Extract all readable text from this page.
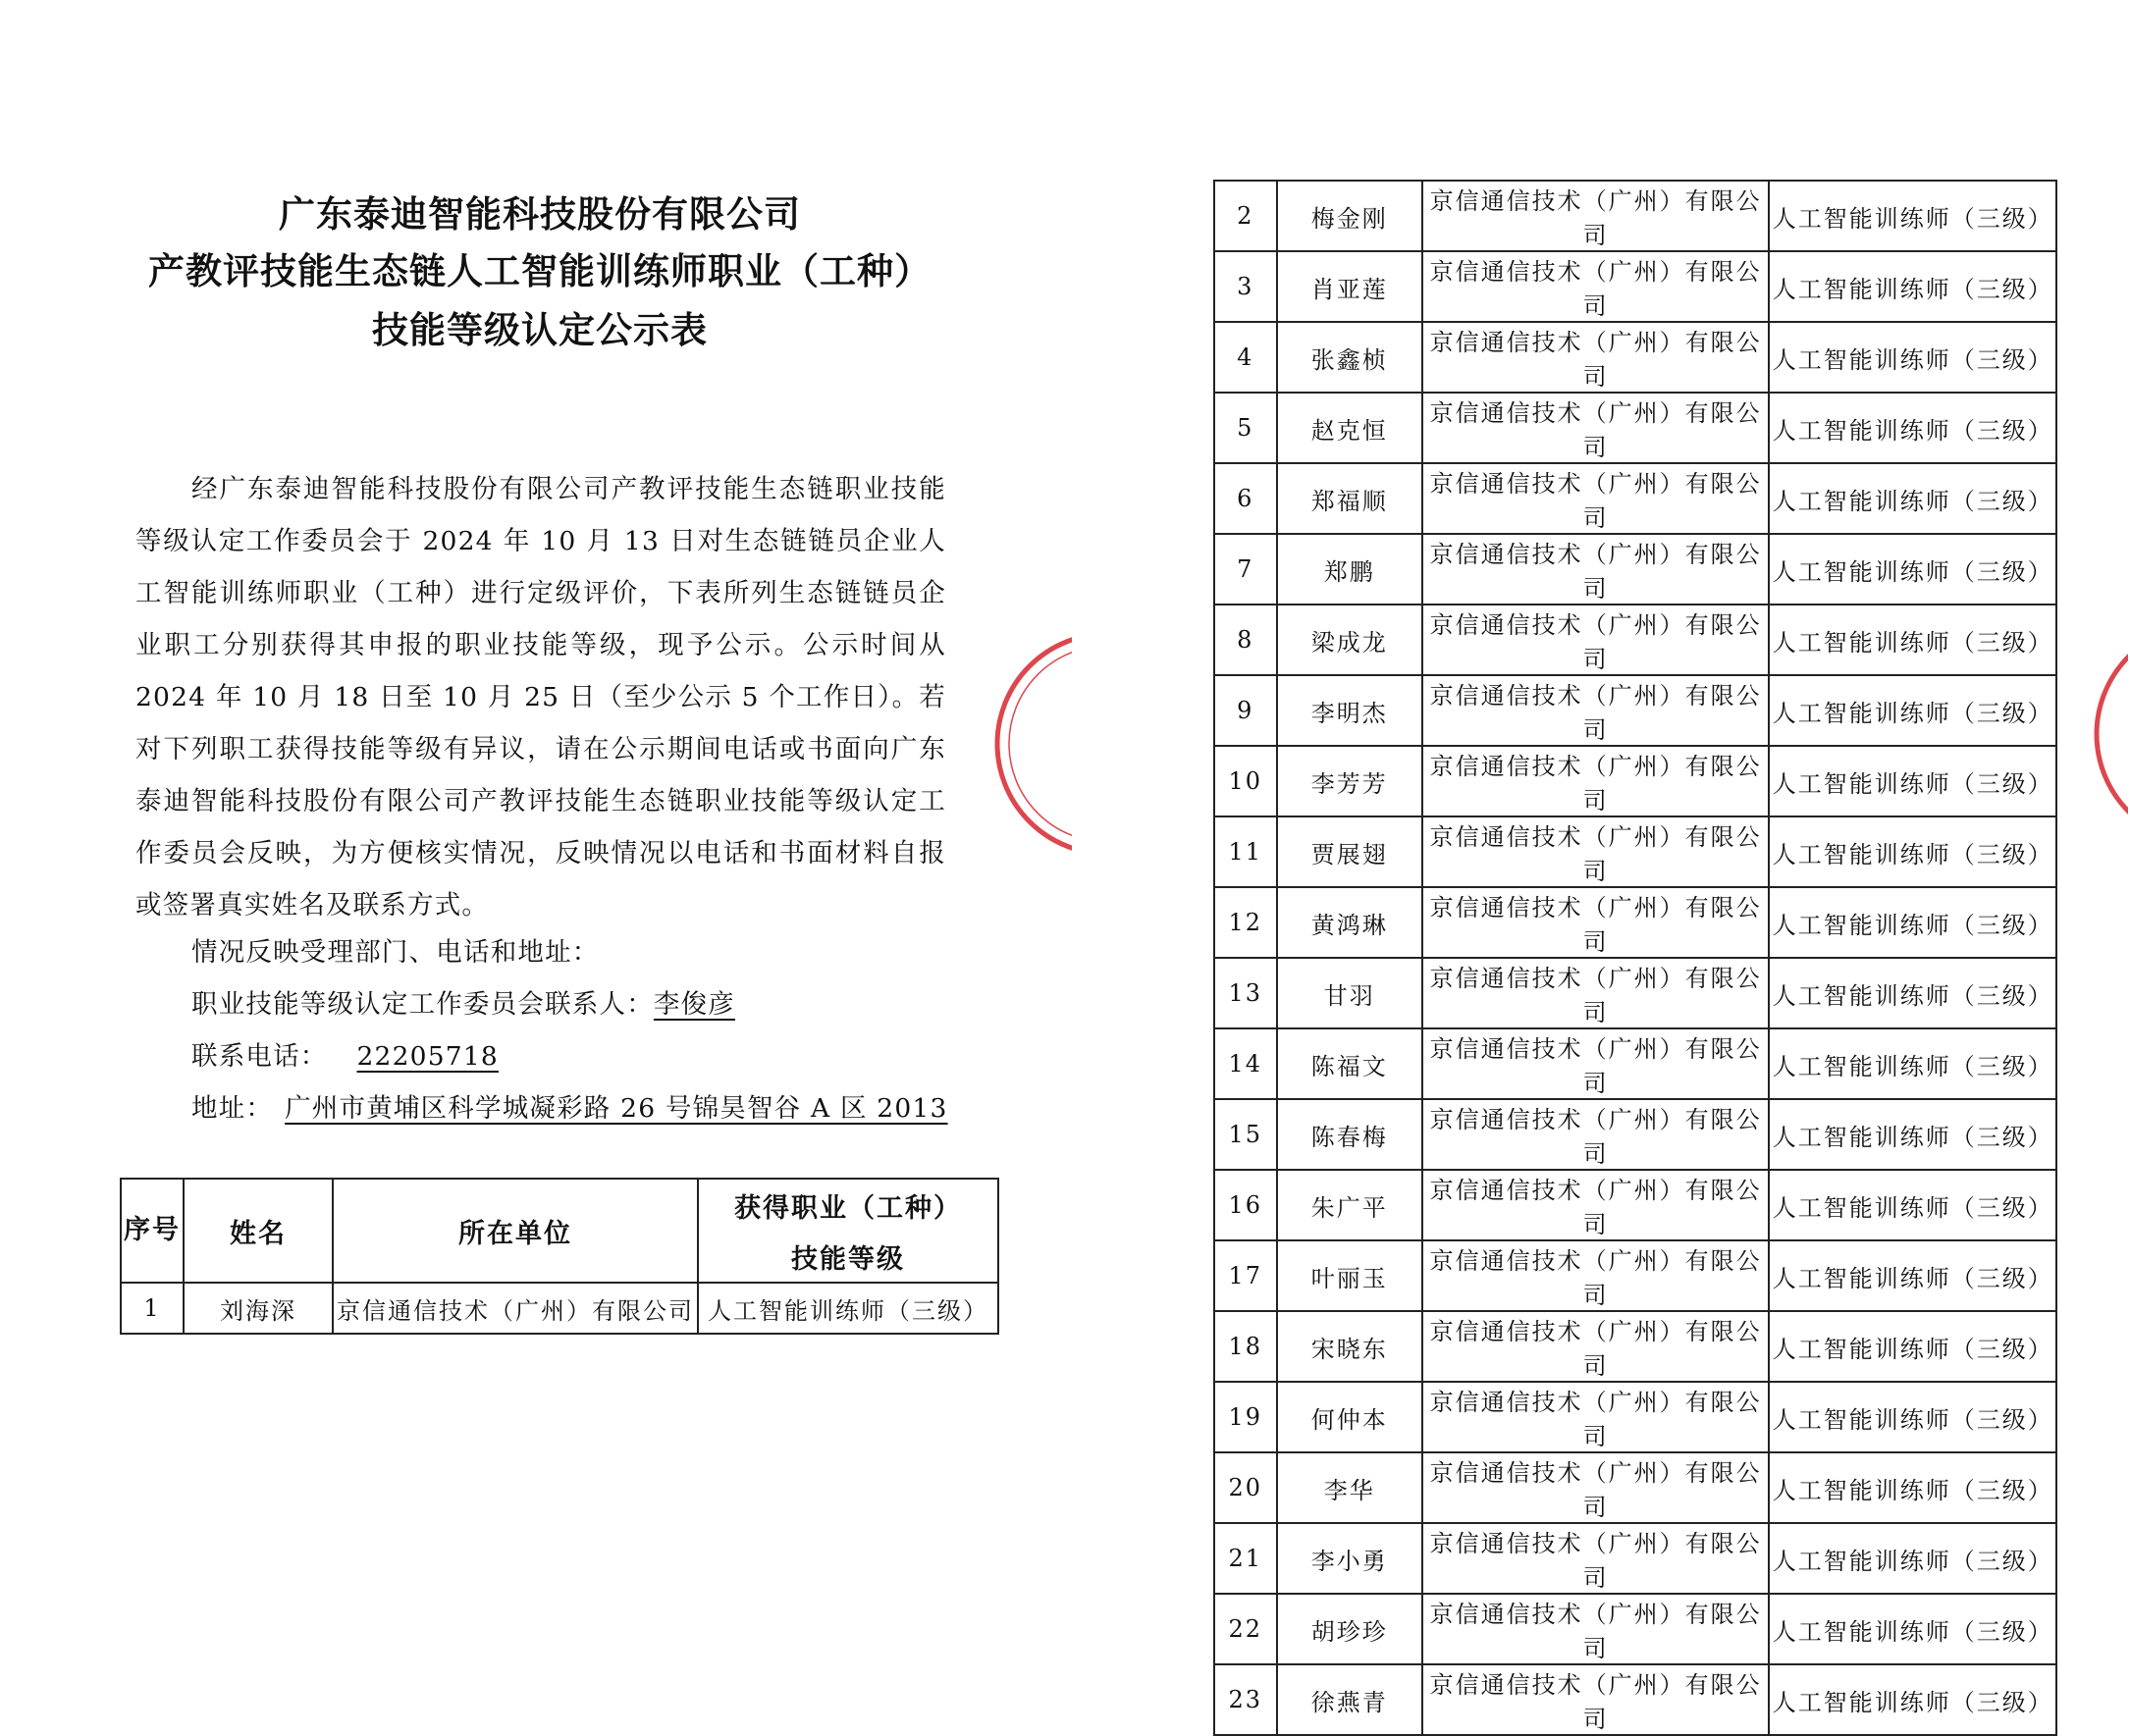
广东泰迪智能科技股份有限公司
产教评技能生态链人工智能训练师职业（工种）
技能等级认定公示表
经广东泰迪智能科技股份有限公司产教评技能生态链职业技能等级认定工作委员会于 2024 年 10 月 13 日对生态链链员企业人工智能训练师职业（工种）进行定级评价，下表所列生态链链员企业职工分别获得其申报的职业技能等级，现予公示。公示时间从 2024 年 10 月 18 日至 10 月 25 日（至少公示 5 个工作日）。若对下列职工获得技能等级有异议，请在公示期间电话或书面向广东泰迪智能科技股份有限公司产教评技能生态链职业技能等级认定工作委员会反映，为方便核实情况，反映情况以电话和书面材料自报或签署真实姓名及联系方式。
情况反映受理部门、电话和地址：
职业技能等级认定工作委员会联系人：李俊彦
联系电话： 22205718
地址： 广州市黄埔区科学城凝彩路 26 号锦昊智谷 A 区 2013
序号	姓名	所在单位	获得职业（工种）
			技能等级
1	刘海深	京信通信技术（广州）有限公司	人工智能训练师（三级）
2	梅金刚	京信通信技术（广州）有限公司	人工智能训练师（三级）
3	肖亚莲	京信通信技术（广州）有限公司	人工智能训练师（三级）
4	张鑫桢	京信通信技术（广州）有限公司	人工智能训练师（三级）
5	赵克恒	京信通信技术（广州）有限公司	人工智能训练师（三级）
6	郑福顺	京信通信技术（广州）有限公司	人工智能训练师（三级）
7	郑鹏	京信通信技术（广州）有限公司	人工智能训练师（三级）
8	梁成龙	京信通信技术（广州）有限公司	人工智能训练师（三级）
9	李明杰	京信通信技术（广州）有限公司	人工智能训练师（三级）
10	李芳芳	京信通信技术（广州）有限公司	人工智能训练师（三级）
11	贾展翅	京信通信技术（广州）有限公司	人工智能训练师（三级）
12	黄鸿琳	京信通信技术（广州）有限公司	人工智能训练师（三级）
13	甘羽	京信通信技术（广州）有限公司	人工智能训练师（三级）
14	陈福文	京信通信技术（广州）有限公司	人工智能训练师（三级）
15	陈春梅	京信通信技术（广州）有限公司	人工智能训练师（三级）
16	朱广平	京信通信技术（广州）有限公司	人工智能训练师（三级）
17	叶丽玉	京信通信技术（广州）有限公司	人工智能训练师（三级）
18	宋晓东	京信通信技术（广州）有限公司	人工智能训练师（三级）
19	何仲本	京信通信技术（广州）有限公司	人工智能训练师（三级）
20	李华	京信通信技术（广州）有限公司	人工智能训练师（三级）
21	李小勇	京信通信技术（广州）有限公司	人工智能训练师（三级）
22	胡珍珍	京信通信技术（广州）有限公司	人工智能训练师（三级）
23	徐燕青	京信通信技术（广州）有限公司	人工智能训练师（三级）
